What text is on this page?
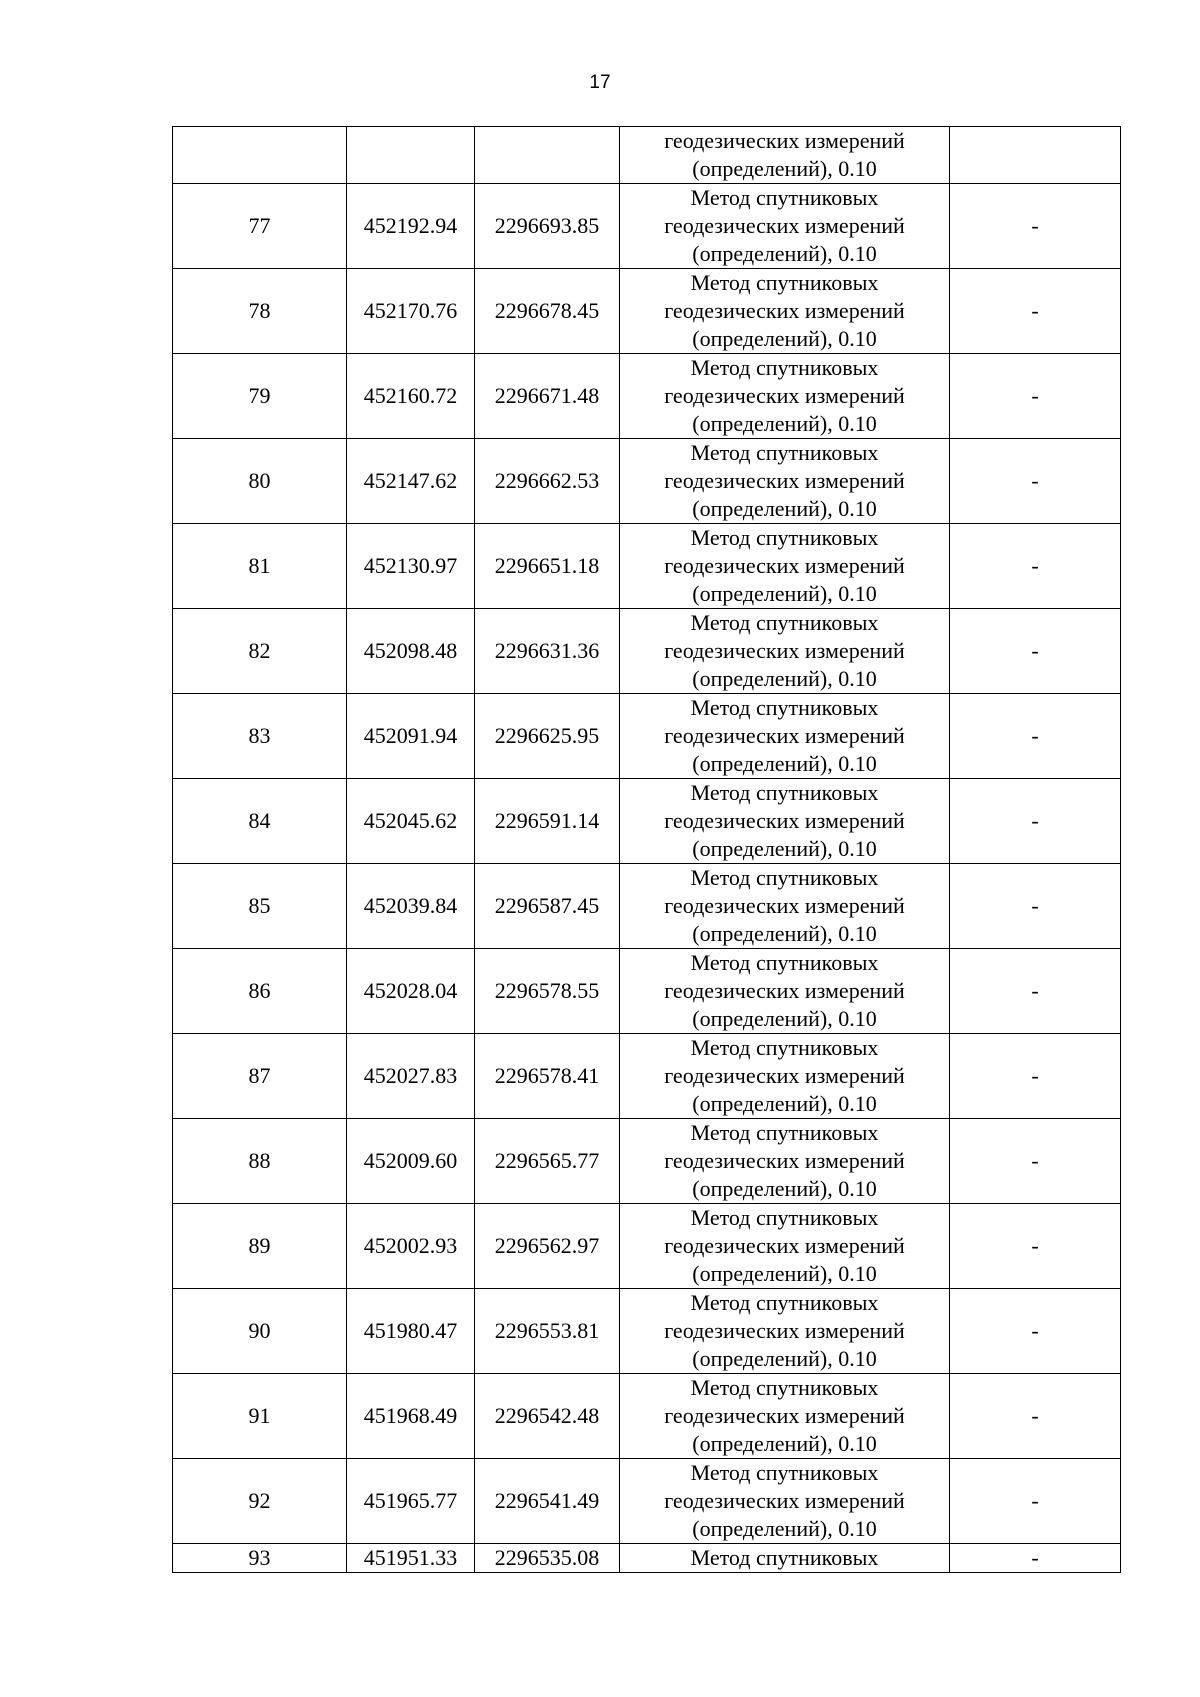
17

			геодезических измерений
(определений), 0.10	

77	452192.94	2296693.85	Метод спутниковых
геодезических измерений
(определений), 0.10	-
78	452170.76	2296678.45	Метод спутниковых
геодезических измерений
(определений), 0.10	-
79	452160.72	2296671.48	Метод спутниковых
геодезических измерений
(определений), 0.10	-
80	452147.62	2296662.53	Метод спутниковых
геодезических измерений
(определений), 0.10	-
81	452130.97	2296651.18	Метод спутниковых
геодезических измерений
(определений), 0.10	-
82	452098.48	2296631.36	Метод спутниковых
геодезических измерений
(определений), 0.10	-
83	452091.94	2296625.95	Метод спутниковых
геодезических измерений
(определений), 0.10	-
84	452045.62	2296591.14	Метод спутниковых
геодезических измерений
(определений), 0.10	-
85	452039.84	2296587.45	Метод спутниковых
геодезических измерений
(определений), 0.10	-
86	452028.04	2296578.55	Метод спутниковых
геодезических измерений
(определений), 0.10	-
87	452027.83	2296578.41	Метод спутниковых
геодезических измерений
(определений), 0.10	-
88	452009.60	2296565.77	Метод спутниковых
геодезических измерений
(определений), 0.10	-
89	452002.93	2296562.97	Метод спутниковых
геодезических измерений
(определений), 0.10	-
90	451980.47	2296553.81	Метод спутниковых
геодезических измерений
(определений), 0.10	-
91	451968.49	2296542.48	Метод спутниковых
геодезических измерений
(определений), 0.10	-
92	451965.77	2296541.49	Метод спутниковых
геодезических измерений
(определений), 0.10	-
93	451951.33	2296535.08	Метод спутниковых	-
